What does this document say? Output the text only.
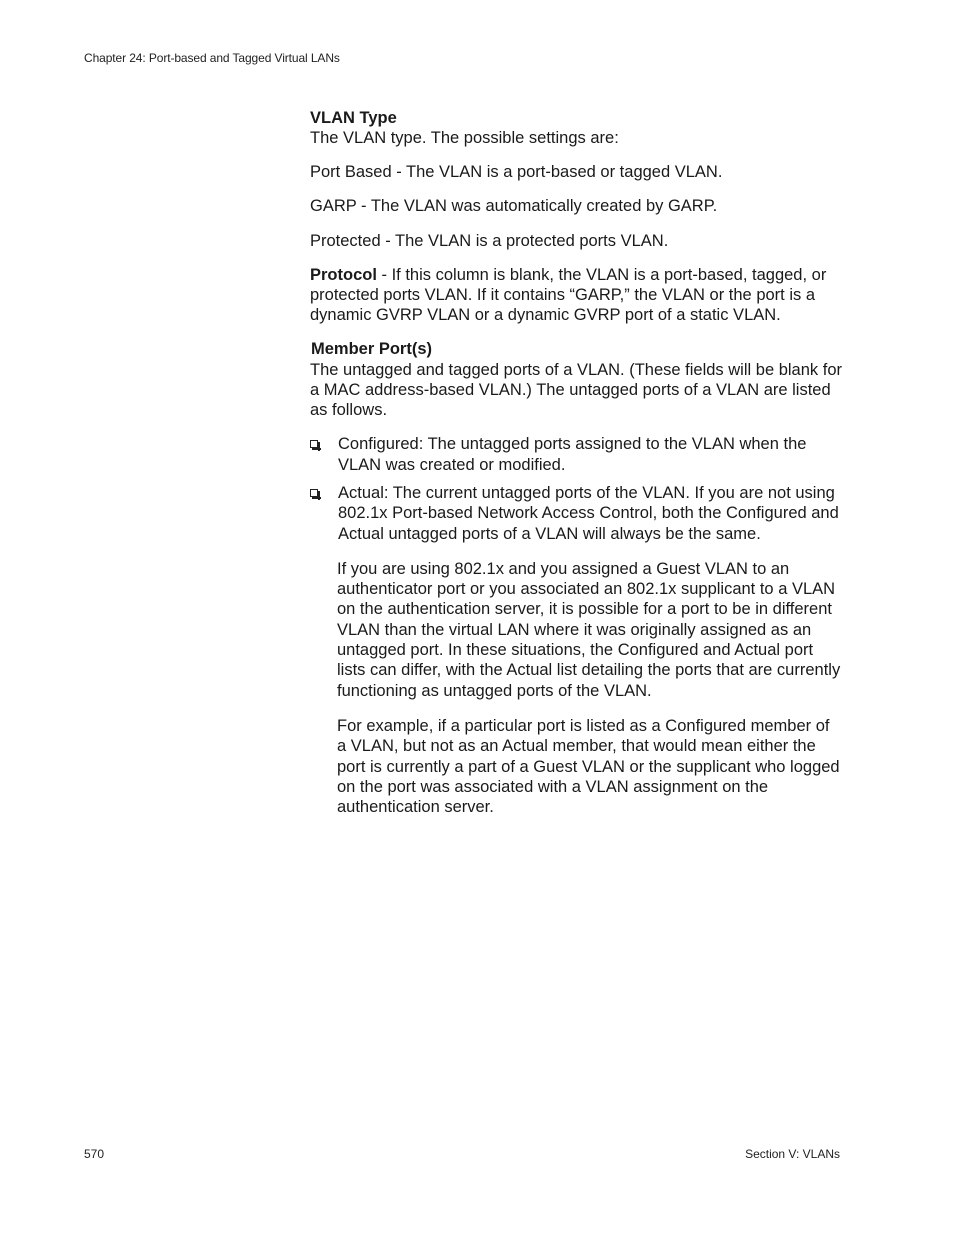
Chapter 24: Port-based and Tagged Virtual LANs
VLAN Type

The VLAN type. The possible settings are:

Port Based - The VLAN is a port-based or tagged VLAN.

GARP - The VLAN was automatically created by GARP.

Protected - The VLAN is a protected ports VLAN.

Protocol - If this column is blank, the VLAN is a port-based, tagged, or protected ports VLAN. If it contains “GARP,” the VLAN or the port is a dynamic GVRP VLAN or a dynamic GVRP port of a static VLAN.

Member Port(s)

The untagged and tagged ports of a VLAN. (These fields will be blank for a MAC address-based VLAN.) The untagged ports of a VLAN are listed as follows.

Configured: The untagged ports assigned to the VLAN when the VLAN was created or modified.
Actual: The current untagged ports of the VLAN. If you are not using 802.1x Port-based Network Access Control, both the Configured and Actual untagged ports of a VLAN will always be the same.

If you are using 802.1x and you assigned a Guest VLAN to an authenticator port or you associated an 802.1x supplicant to a VLAN on the authentication server, it is possible for a port to be in different VLAN than the virtual LAN where it was originally assigned as an untagged port. In these situations, the Configured and Actual port lists can differ, with the Actual list detailing the ports that are currently functioning as untagged ports of the VLAN.

For example, if a particular port is listed as a Configured member of a VLAN, but not as an Actual member, that would mean either the port is currently a part of a Guest VLAN or the supplicant who logged on the port was associated with a VLAN assignment on the authentication server.

570	Section V: VLANs
